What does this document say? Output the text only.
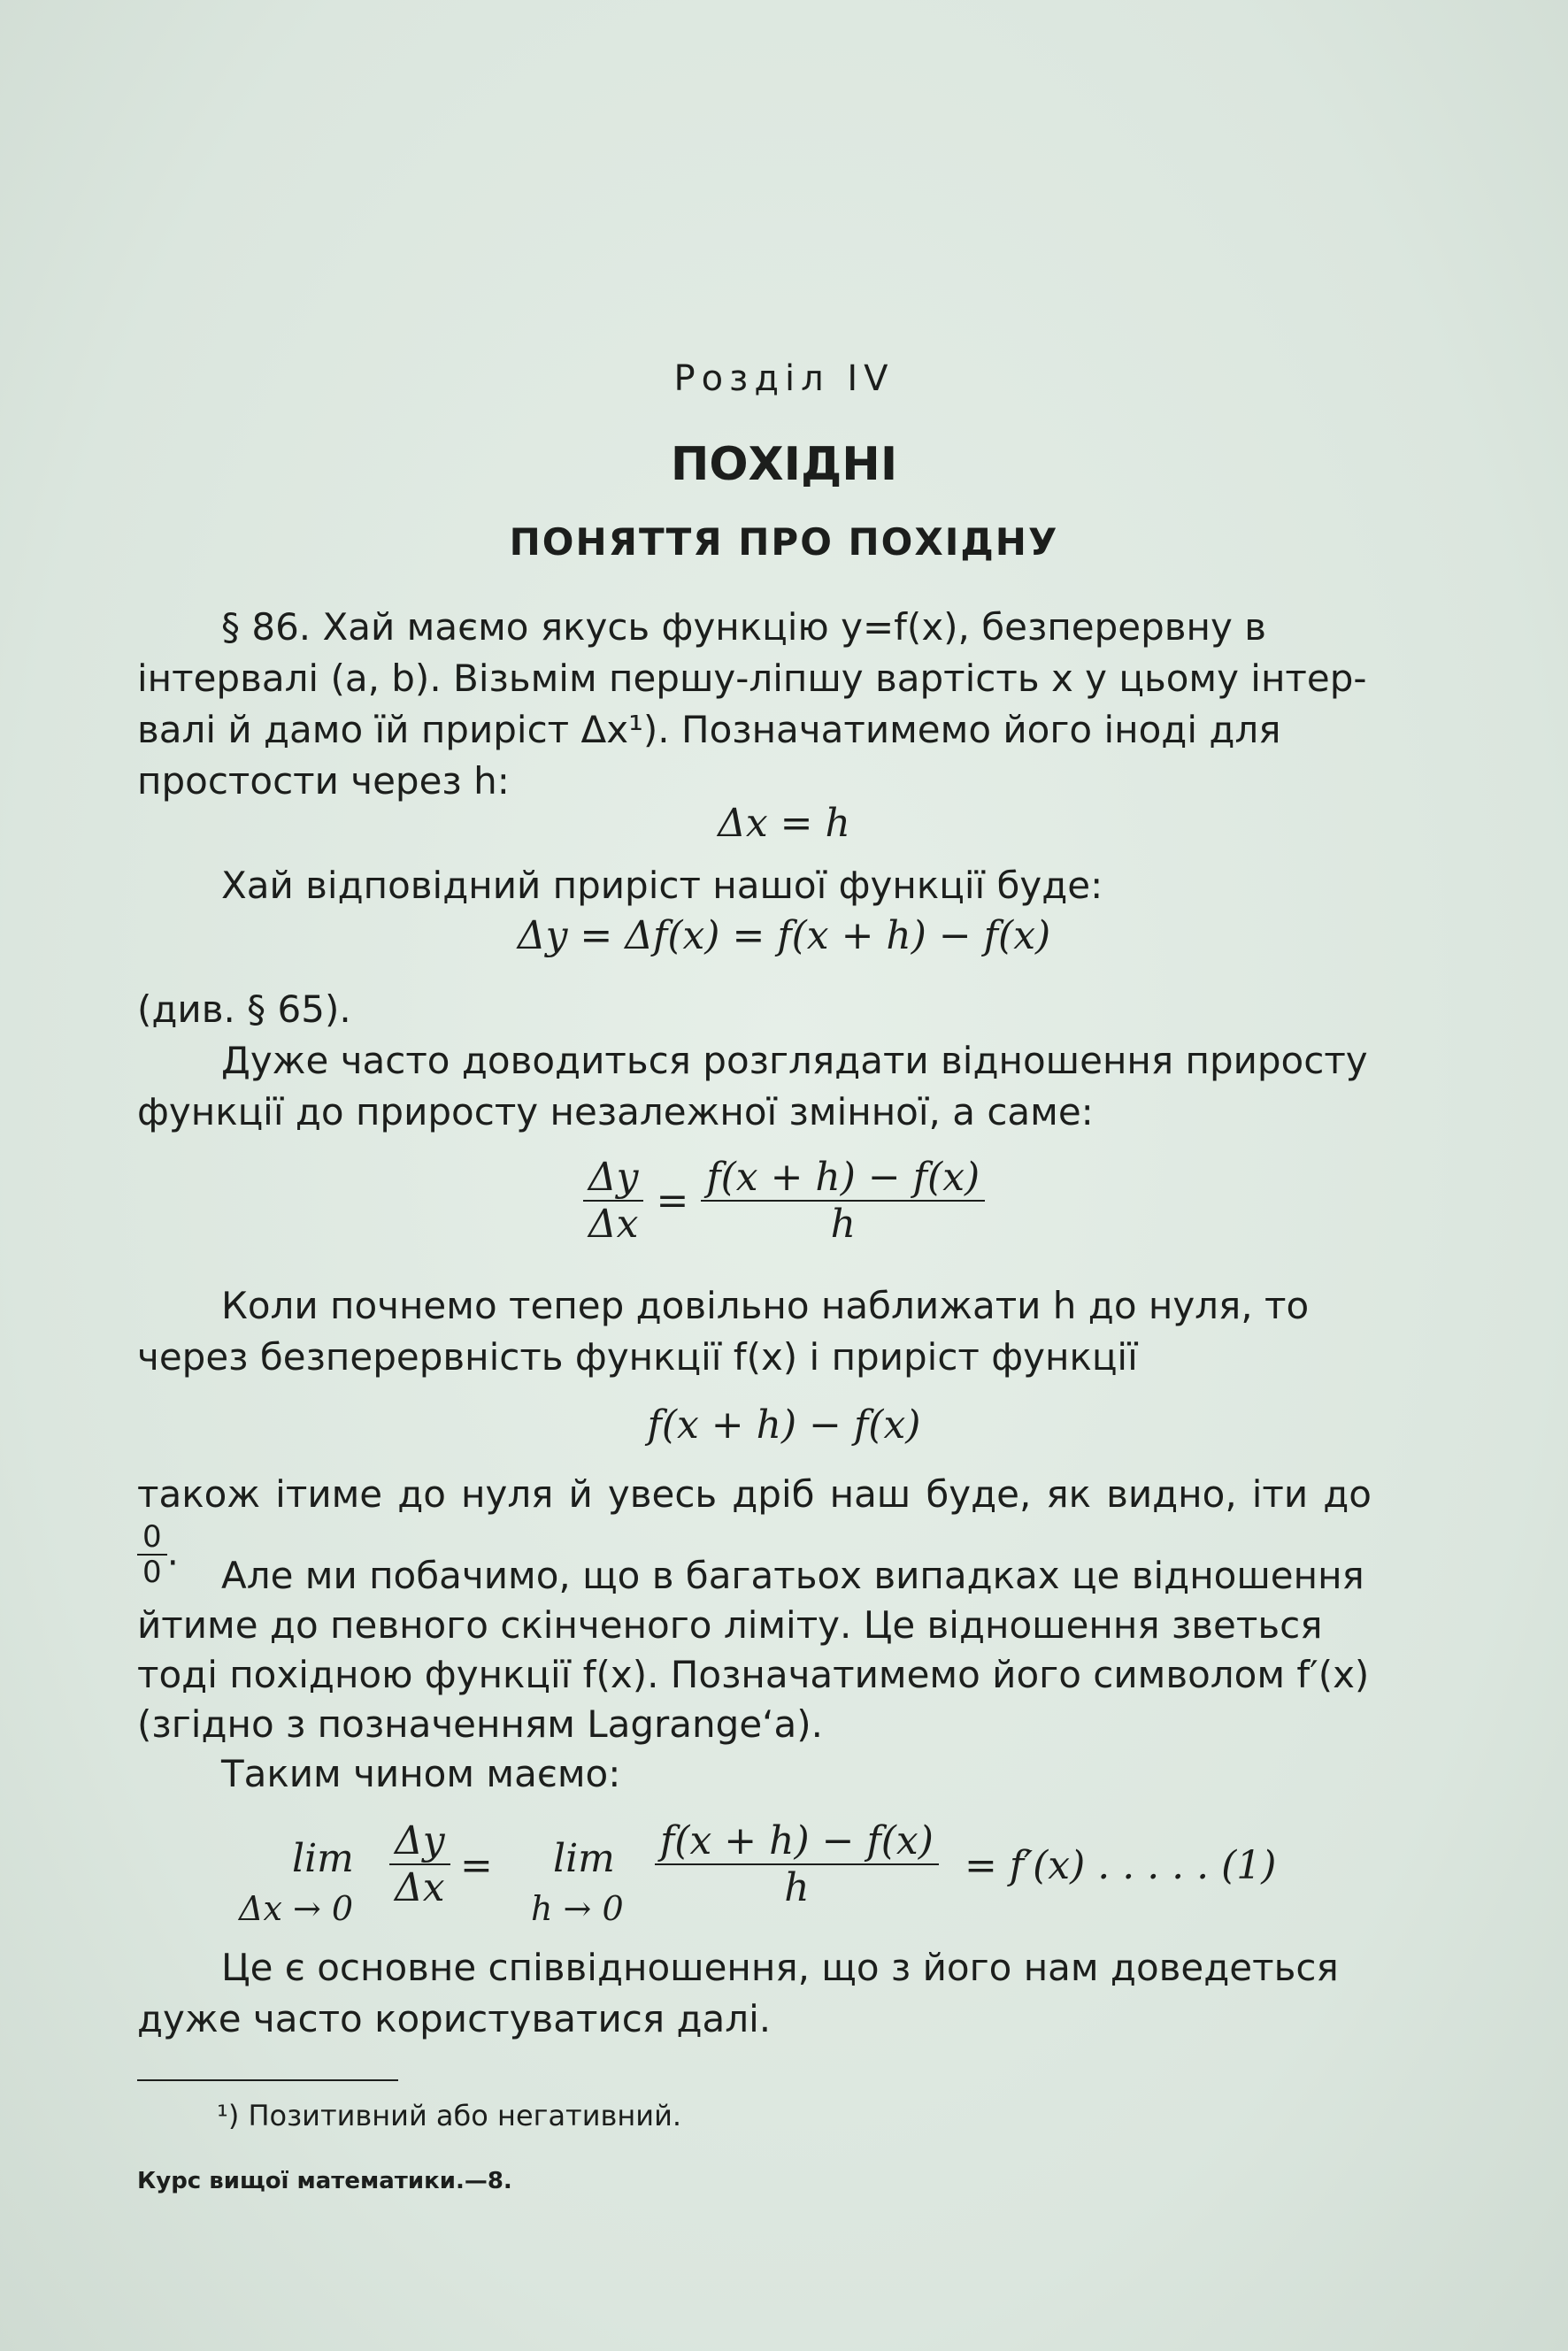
Розділ IV
ПОХІДНІ
ПОНЯТТЯ ПРО ПОХІДНУ
§ 86. Хай маємо якусь функцію y=f(x), безперервну в
інтервалі (a, b). Візьмім першу-ліпшу вартість x у цьому інтер-
валі й дамо їй приріст Δx¹). Позначатимемо його іноді для
простости через h:
Δx = h
Хай відповідний приріст нашої функції буде:
Δy = Δf(x) = f(x + h) − f(x)
(див. § 65).
Дуже часто доводиться розглядати відношення приросту
функції до приросту незалежної змінної, а саме:
$\frac{\Delta y}{\Delta x} = \frac{f(x + h) - f(x)}{h}$
Коли почнемо тепер довільно наближати h до нуля, то
через безперервність функції f(x) і приріст функції
f(x + h) − f(x)
також ітиме до нуля й увесь дріб наш буде, як видно, іти до
$\frac{0}{0}$ .
Але ми побачимо, що в багатьох випадках це відношення
йтиме до певного скінченого ліміту. Це відношення зветься
тоді похідною функції f(x). Позначатимемо його символом f′(x)
(згідно з позначенням Lagrange‘a).
Таким чином маємо:
lim
$\Delta x \to 0 \frac{\Delta y}{\Delta x} = \lim$
$h \to 0 \frac{f(x + h) - f(x)}{h} = f'(x)$ . . . . . (1)
Це є основне співвідношення, що з його нам доведеться
дуже часто користуватися далі.
¹) Позитивний або негативний.
Курс вищої математики.—8.
